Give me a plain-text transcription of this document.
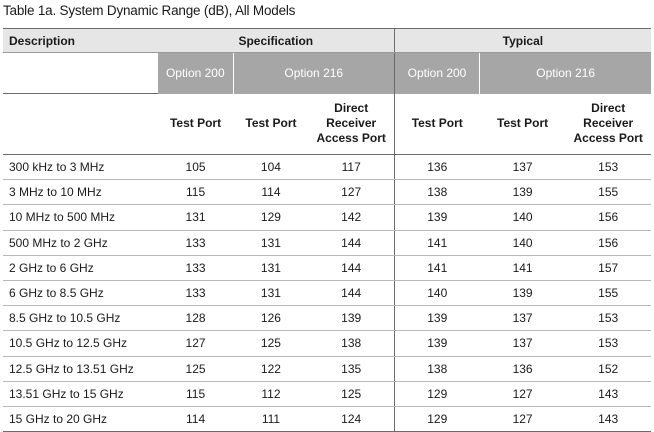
Table 1a. System Dynamic Range (dB), All Models
Description	Specification			Typical		
	Option 200	Option 216		Option 200	Option 216	
	Test Port	Test Port	Direct Receiver Access Port	Test Port	Test Port	Direct Receiver Access Port
300 kHz to 3 MHz	105	104	117	136	137	153
3 MHz to 10 MHz	115	114	127	138	139	155
10 MHz to 500 MHz	131	129	142	139	140	156
500 MHz to 2 GHz	133	131	144	141	140	156
2 GHz to 6 GHz	133	131	144	141	141	157
6 GHz to 8.5 GHz	133	131	144	140	139	155
8.5 GHz to 10.5 GHz	128	126	139	139	137	153
10.5 GHz to 12.5 GHz	127	125	138	139	137	153
12.5 GHz to 13.51 GHz	125	122	135	138	136	152
13.51 GHz to 15 GHz	115	112	125	129	127	143
15 GHz to 20 GHz	114	111	124	129	127	143
